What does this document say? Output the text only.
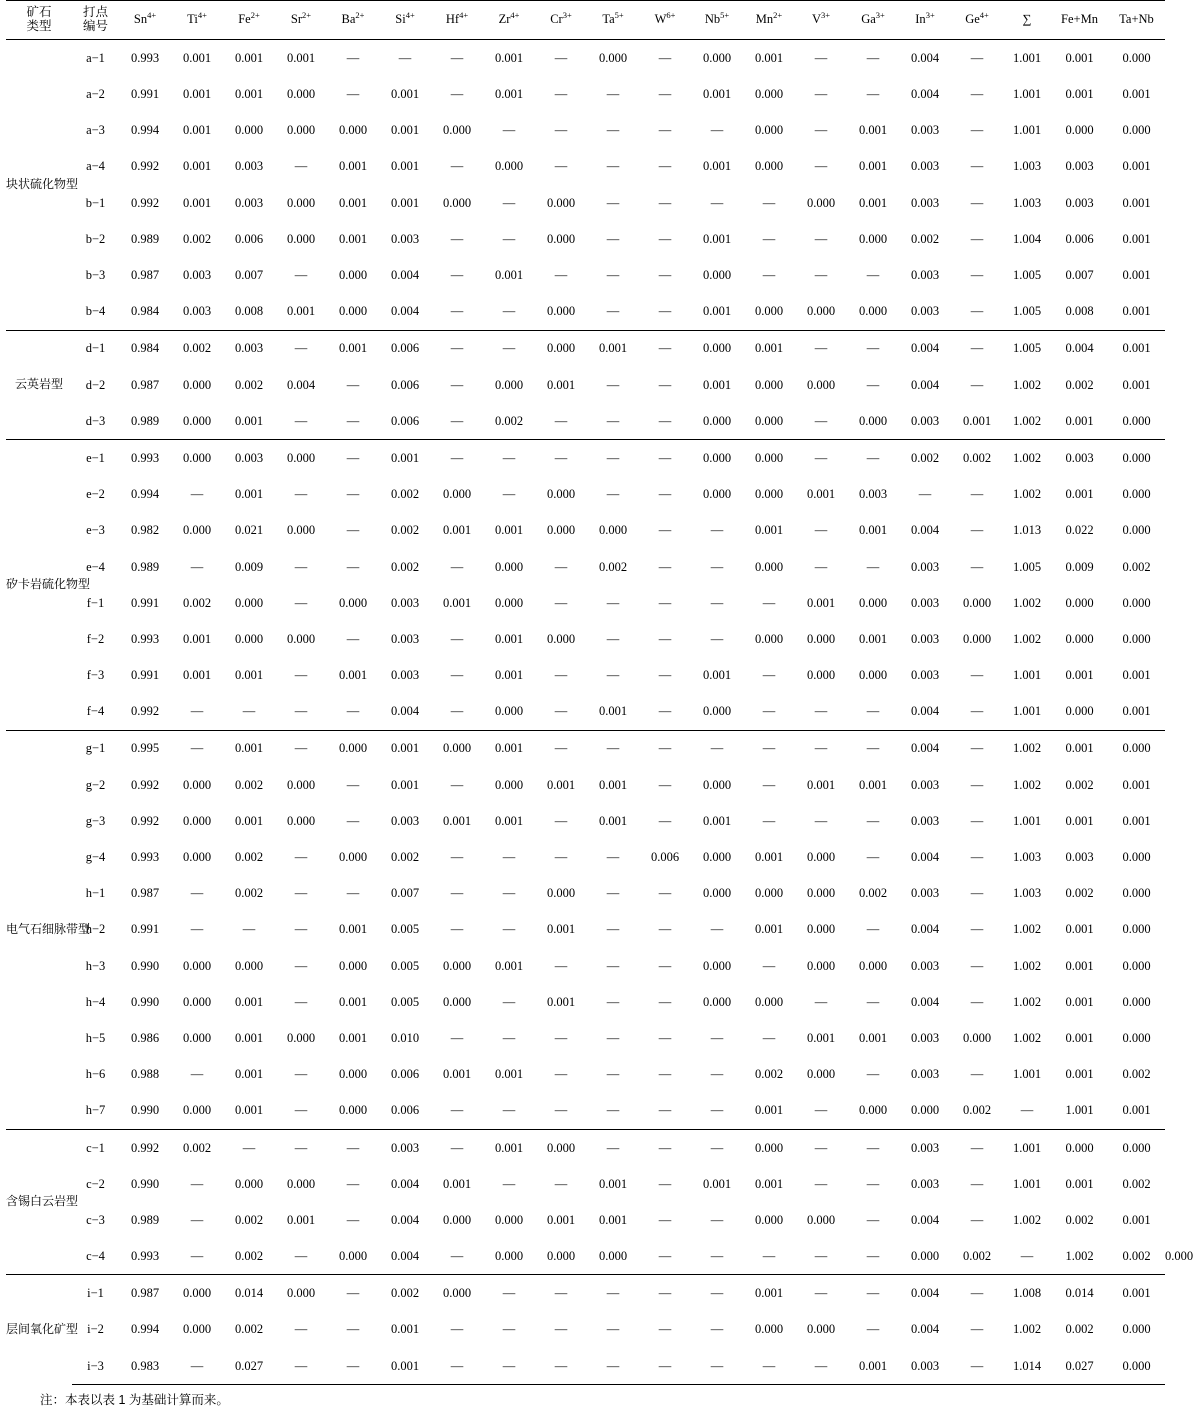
矿石
类型	打点
编号	$Sn^{4+}$	$Ti^{4+}$	$Fe^{2+}$	$Sr^{2+}$	$Ba^{2+}$	$Si^{4+}$	$Hf^{4+}$	$Zr^{4+}$	$Cr^{3+}$	$Ta^{5+}$	$W^{6+}$	$Nb^{5+}$	$Mn^{2+}$	$V^{3+}$	$Ga^{3+}$	$In^{3+}$	$Ge^{4+}$	∑	Fe+Mn	Ta+Nb	
块状硫化物型	a−1	0.993	0.001	0.001	0.001	—	—	—	0.001	—	0.000	—	0.000	0.001	—	—	0.004	—	1.001	0.001	0.000	
	a−2	0.991	0.001	0.001	0.000	—	0.001	—	0.001	—	—	—	0.001	0.000	—	—	0.004	—	1.001	0.001	0.001	
	a−3	0.994	0.001	0.000	0.000	0.000	0.001	0.000	—	—	—	—	—	0.000	—	0.001	0.003	—	1.001	0.000	0.000	
	a−4	0.992	0.001	0.003	—	0.001	0.001	—	0.000	—	—	—	0.001	0.000	—	0.001	0.003	—	1.003	0.003	0.001	
	b−1	0.992	0.001	0.003	0.000	0.001	0.001	0.000	—	0.000	—	—	—	—	0.000	0.001	0.003	—	1.003	0.003	0.001	
	b−2	0.989	0.002	0.006	0.000	0.001	0.003	—	—	0.000	—	—	0.001	—	—	0.000	0.002	—	1.004	0.006	0.001	
	b−3	0.987	0.003	0.007	—	0.000	0.004	—	0.001	—	—	—	0.000	—	—	—	0.003	—	1.005	0.007	0.001	
	b−4	0.984	0.003	0.008	0.001	0.000	0.004	—	—	0.000	—	—	0.001	0.000	0.000	0.000	0.003	—	1.005	0.008	0.001	
云英岩型	d−1	0.984	0.002	0.003	—	0.001	0.006	—	—	0.000	0.001	—	0.000	0.001	—	—	0.004	—	1.005	0.004	0.001	
	d−2	0.987	0.000	0.002	0.004	—	0.006	—	0.000	0.001	—	—	0.001	0.000	0.000	—	0.004	—	1.002	0.002	0.001	
	d−3	0.989	0.000	0.001	—	—	0.006	—	0.002	—	—	—	0.000	0.000	—	0.000	0.003	0.001	1.002	0.001	0.000	
矽卡岩硫化物型	e−1	0.993	0.000	0.003	0.000	—	0.001	—	—	—	—	—	0.000	0.000	—	—	0.002	0.002	1.002	0.003	0.000	
	e−2	0.994	—	0.001	—	—	0.002	0.000	—	0.000	—	—	0.000	0.000	0.001	0.003	—	—	1.002	0.001	0.000	
	e−3	0.982	0.000	0.021	0.000	—	0.002	0.001	0.001	0.000	0.000	—	—	0.001	—	0.001	0.004	—	1.013	0.022	0.000	
	e−4	0.989	—	0.009	—	—	0.002	—	0.000	—	0.002	—	—	0.000	—	—	0.003	—	1.005	0.009	0.002	
	f−1	0.991	0.002	0.000	—	0.000	0.003	0.001	0.000	—	—	—	—	—	0.001	0.000	0.003	0.000	1.002	0.000	0.000	
	f−2	0.993	0.001	0.000	0.000	—	0.003	—	0.001	0.000	—	—	—	0.000	0.000	0.001	0.003	0.000	1.002	0.000	0.000	
	f−3	0.991	0.001	0.001	—	0.001	0.003	—	0.001	—	—	—	0.001	—	0.000	0.000	0.003	—	1.001	0.001	0.001	
	f−4	0.992	—	—	—	—	0.004	—	0.000	—	0.001	—	0.000	—	—	—	0.004	—	1.001	0.000	0.001	
电气石细脉带型	g−1	0.995	—	0.001	—	0.000	0.001	0.000	0.001	—	—	—	—	—	—	—	0.004	—	1.002	0.001	0.000	
	g−2	0.992	0.000	0.002	0.000	—	0.001	—	0.000	0.001	0.001	—	0.000	—	0.001	0.001	0.003	—	1.002	0.002	0.001	
	g−3	0.992	0.000	0.001	0.000	—	0.003	0.001	0.001	—	0.001	—	0.001	—	—	—	0.003	—	1.001	0.001	0.001	
	g−4	0.993	0.000	0.002	—	0.000	0.002	—	—	—	—	0.006	0.000	0.001	0.000	—	0.004	—	1.003	0.003	0.000	
	h−1	0.987	—	0.002	—	—	0.007	—	—	0.000	—	—	0.000	0.000	0.000	0.002	0.003	—	1.003	0.002	0.000	
	h−2	0.991	—	—	—	0.001	0.005	—	—	0.001	—	—	—	0.001	0.000	—	0.004	—	1.002	0.001	0.000	
	h−3	0.990	0.000	0.000	—	0.000	0.005	0.000	0.001	—	—	—	0.000	—	0.000	0.000	0.003	—	1.002	0.001	0.000	
	h−4	0.990	0.000	0.001	—	0.001	0.005	0.000	—	0.001	—	—	0.000	0.000	—	—	0.004	—	1.002	0.001	0.000	
	h−5	0.986	0.000	0.001	0.000	0.001	0.010	—	—	—	—	—	—	—	0.001	0.001	0.003	0.000	1.002	0.001	0.000	
	h−6	0.988	—	0.001	—	0.000	0.006	0.001	0.001	—	—	—	—	0.002	0.000	—	0.003	—	1.001	0.001	0.002	
	h−7	0.990	0.000	0.001	—	0.000	0.006	—	—	—	—	—	—	0.001	—	0.000	0.000	0.002	—	1.001	0.001	
含锡白云岩型	c−1	0.992	0.002	—	—	—	0.003	—	0.001	0.000	—	—	—	0.000	—	—	0.003	—	1.001	0.000	0.000	
	c−2	0.990	—	0.000	0.000	—	0.004	0.001	—	—	0.001	—	0.001	0.001	—	—	0.003	—	1.001	0.001	0.002	
	c−3	0.989	—	0.002	0.001	—	0.004	0.000	0.000	0.001	0.001	—	—	0.000	0.000	—	0.004	—	1.002	0.002	0.001	
	c−4	0.993	—	0.002	—	0.000	0.004	—	0.000	0.000	0.000	—	—	—	—	—	0.000	0.002	—	1.002	0.002	0.000
层间氧化矿型	i−1	0.987	0.000	0.014	0.000	—	0.002	0.000	—	—	—	—	—	0.001	—	—	0.004	—	1.008	0.014	0.001	
	i−2	0.994	0.000	0.002	—	—	0.001	—	—	—	—	—	—	0.000	0.000	—	0.004	—	1.002	0.002	0.000	
	i−3	0.983	—	0.027	—	—	0.001	—	—	—	—	—	—	—	—	0.001	0.003	—	1.014	0.027	0.000	
注：本表以表 1 为基础计算而来。
